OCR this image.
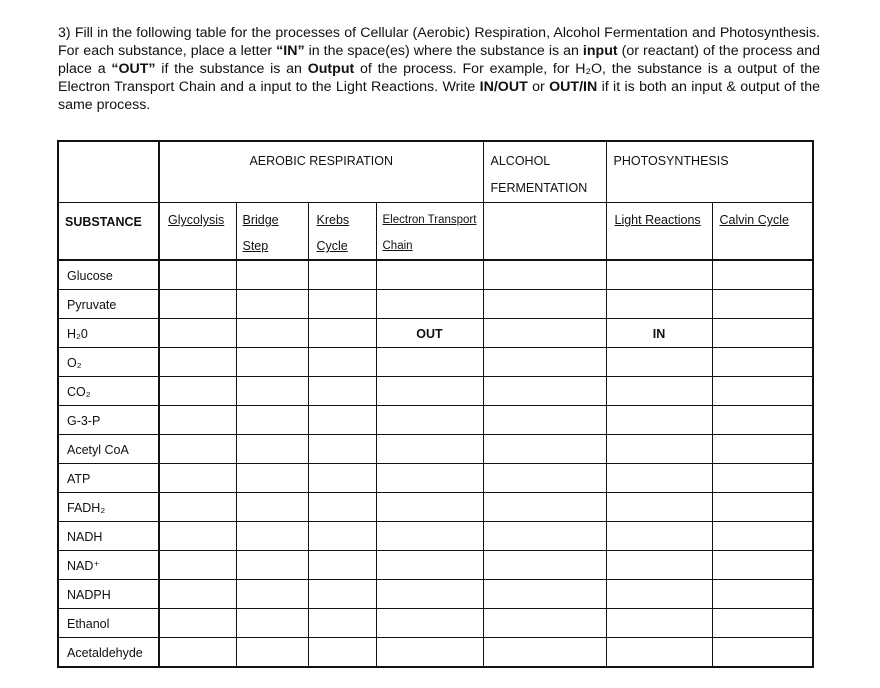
3) Fill in the following table for the processes of Cellular (Aerobic) Respiration, Alcohol Fermentation and Photosynthesis. For each substance, place a letter “IN” in the space(es) where the substance is an input (or reactant) of the process and place a “OUT” if the substance is an Output of the process. For example, for H₂O, the substance is a output of the Electron Transport Chain and a input to the Light Reactions. Write IN/OUT or OUT/IN if it is both an input & output of the same process.

	AEROBIC RESPIRATION				ALCOHOL FERMENTATION	PHOTOSYNTHESIS	
SUBSTANCE	Glycolysis	Bridge Step	Krebs Cycle	Electron Transport Chain		Light Reactions	Calvin Cycle
Glucose							
Pyruvate							
H₂0				OUT		IN	
O₂							
CO₂							
G-3-P							
Acetyl CoA							
ATP							
FADH₂							
NADH							
NAD⁺							
NADPH							
Ethanol							
Acetaldehyde							
